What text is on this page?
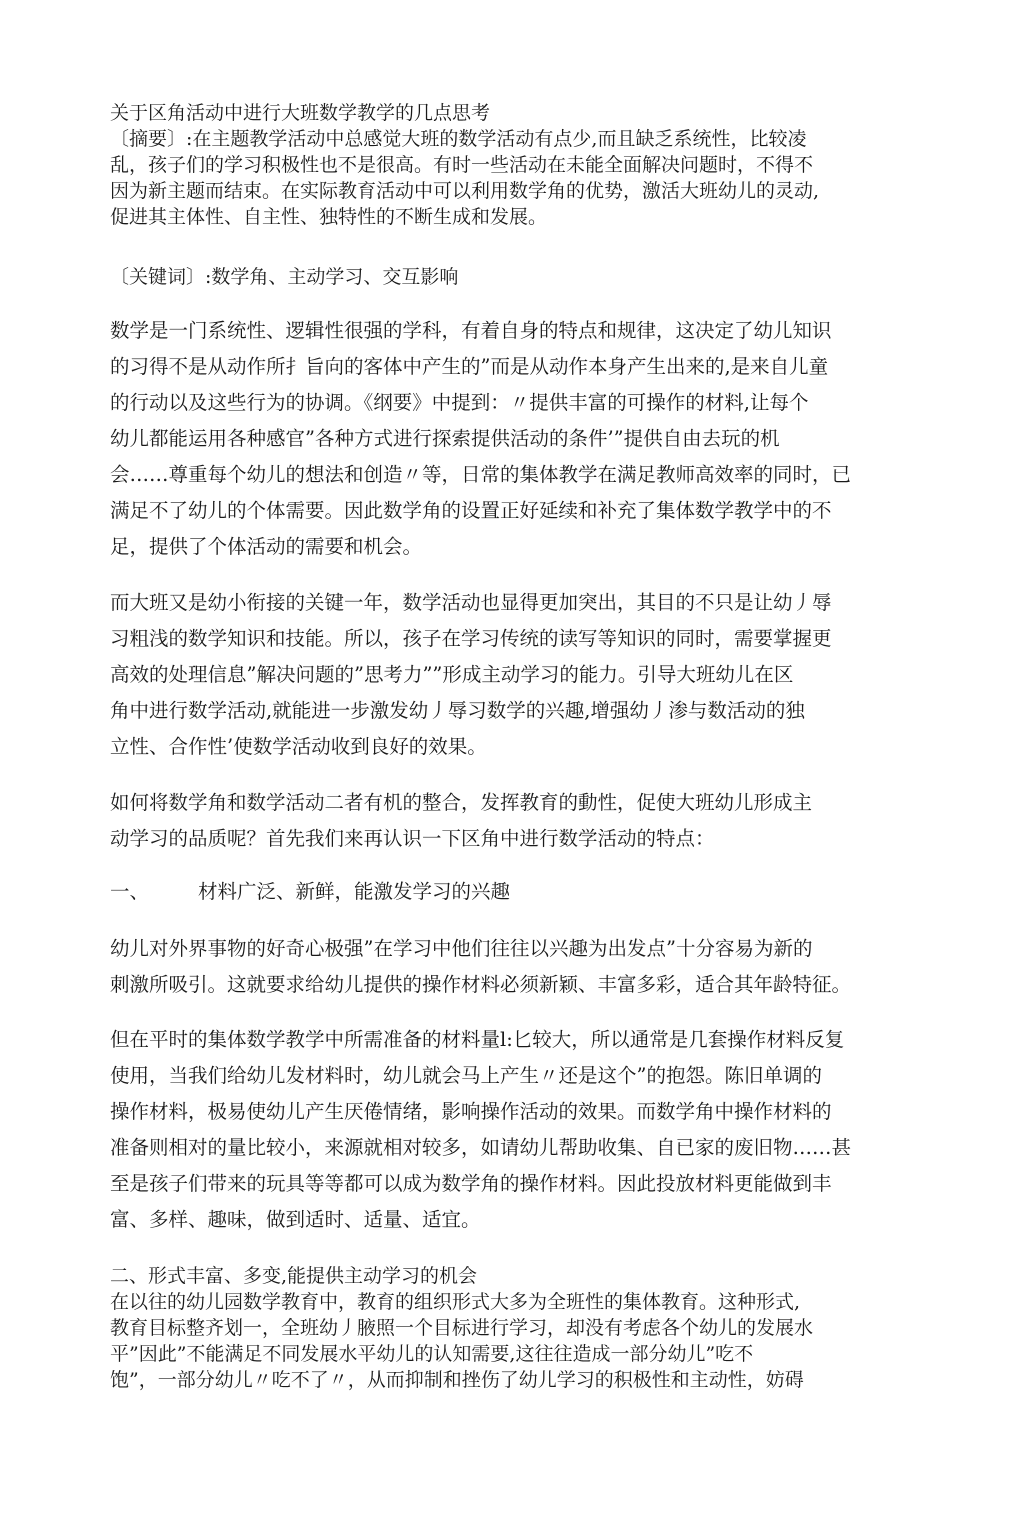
关于区角活动中进行大班数学教学的几点思考
〔摘要〕:在主题教学活动中总感觉大班的数学活动有点少,而且缺乏系统性，比较凌
乱，孩子们的学习积极性也不是很高。有时一些活动在未能全面解决问题时，不得不
因为新主题而结束。在实际教育活动中可以利用数学角的优势，激活大班幼儿的灵动,
促进其主体性、自主性、独特性的不断生成和发展。
〔关键词〕:数学角、主动学习、交互影响
数学是一门系统性、逻辑性很强的学科，有着自身的特点和规律，这决定了幼儿知识
的习得不是从动作所扌旨向的客体中产生的”而是从动作本身产生出来的,是来自儿童
的行动以及这些行为的协调。《纲要》中提到：〃提供丰富的可操作的材料,让每个
幼儿都能运用各种感官”各种方式进行探索提供活动的条件’”提供自由去玩的机
会……尊重每个幼儿的想法和创造〃等，日常的集体教学在满足教师高效率的同时，已
满足不了幼儿的个体需要。因此数学角的设置正好延续和补充了集体数学教学中的不
足，提供了个体活动的需要和机会。
而大班又是幼小衔接的关键一年，数学活动也显得更加突出，其目的不只是让幼丿辱
习粗浅的数学知识和技能。所以，孩子在学习传统的读写等知识的同时，需要掌握更
高效的处理信息”解决问题的”思考力””形成主动学习的能力。引导大班幼儿在区
角中进行数学活动,就能进一步激发幼丿辱习数学的兴趣,增强幼丿渗与数活动的独
立性、合作性’使数学活动收到良好的效果。
如何将数学角和数学活动二者有机的整合，发挥教育的動性，促使大班幼儿形成主
动学习的品质呢？首先我们来再认识一下区角中进行数学活动的特点：
一、	材料广泛、新鲜，能激发学习的兴趣
幼儿对外界事物的好奇心极强”在学习中他们往往以兴趣为出发点”十分容易为新的
刺激所吸引。这就要求给幼儿提供的操作材料必须新颖、丰富多彩，适合其年龄特征。
但在平时的集体数学教学中所需准备的材料量l:匕较大，所以通常是几套操作材料反复
使用，当我们给幼儿发材料时，幼儿就会马上产生〃还是这个”的抱怨。陈旧单调的
操作材料，极易使幼儿产生厌倦情绪，影响操作活动的效果。而数学角中操作材料的
准备则相对的量比较小，来源就相对较多，如请幼儿帮助收集、自已家的废旧物……甚
至是孩子们带来的玩具等等都可以成为数学角的操作材料。因此投放材料更能做到丰
富、多样、趣味，做到适时、适量、适宜。
二、形式丰富、多变,能提供主动学习的机会
在以往的幼儿园数学教育中，教育的组织形式大多为全班性的集体教育。这种形式,
教育目标整齐划一，全班幼丿腋照一个目标进行学习，却没有考虑各个幼儿的发展水
平”因此”不能满足不同发展水平幼儿的认知需要,这往往造成一部分幼儿”吃不
饱”，一部分幼儿〃吃不了〃，从而抑制和挫伤了幼儿学习的积极性和主动性，妨碍
